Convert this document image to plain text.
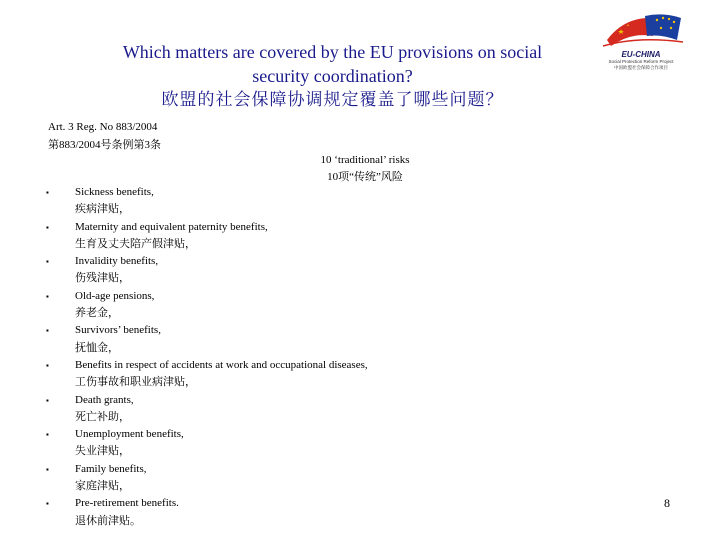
Which matters are covered by the EU provisions on social
security coordination?
欧盟的社会保障协调规定覆盖了哪些问题？
EU-CHINA
Social Protection Reform Project
中国欧盟社会保障合作项目
Art. 3 Reg. No 883/2004
第883/2004号条例第3条
10 ‘traditional’ risks
10项“传统”风险
▪ Sickness benefits,
疾病津贴，
▪ Maternity and equivalent paternity benefits,
生育及丈夫陪产假津贴，
▪ Invalidity benefits,
伤残津贴，
▪ Old-age pensions,
养老金，
▪ Survivors’ benefits,
抚恤金，
▪ Benefits in respect of accidents at work and occupational diseases,
工伤事故和职业病津贴，
▪ Death grants,
死亡补助，
▪ Unemployment benefits,
失业津贴，
▪ Family benefits,
家庭津贴，
▪ Pre-retirement benefits.
退休前津贴。
8
